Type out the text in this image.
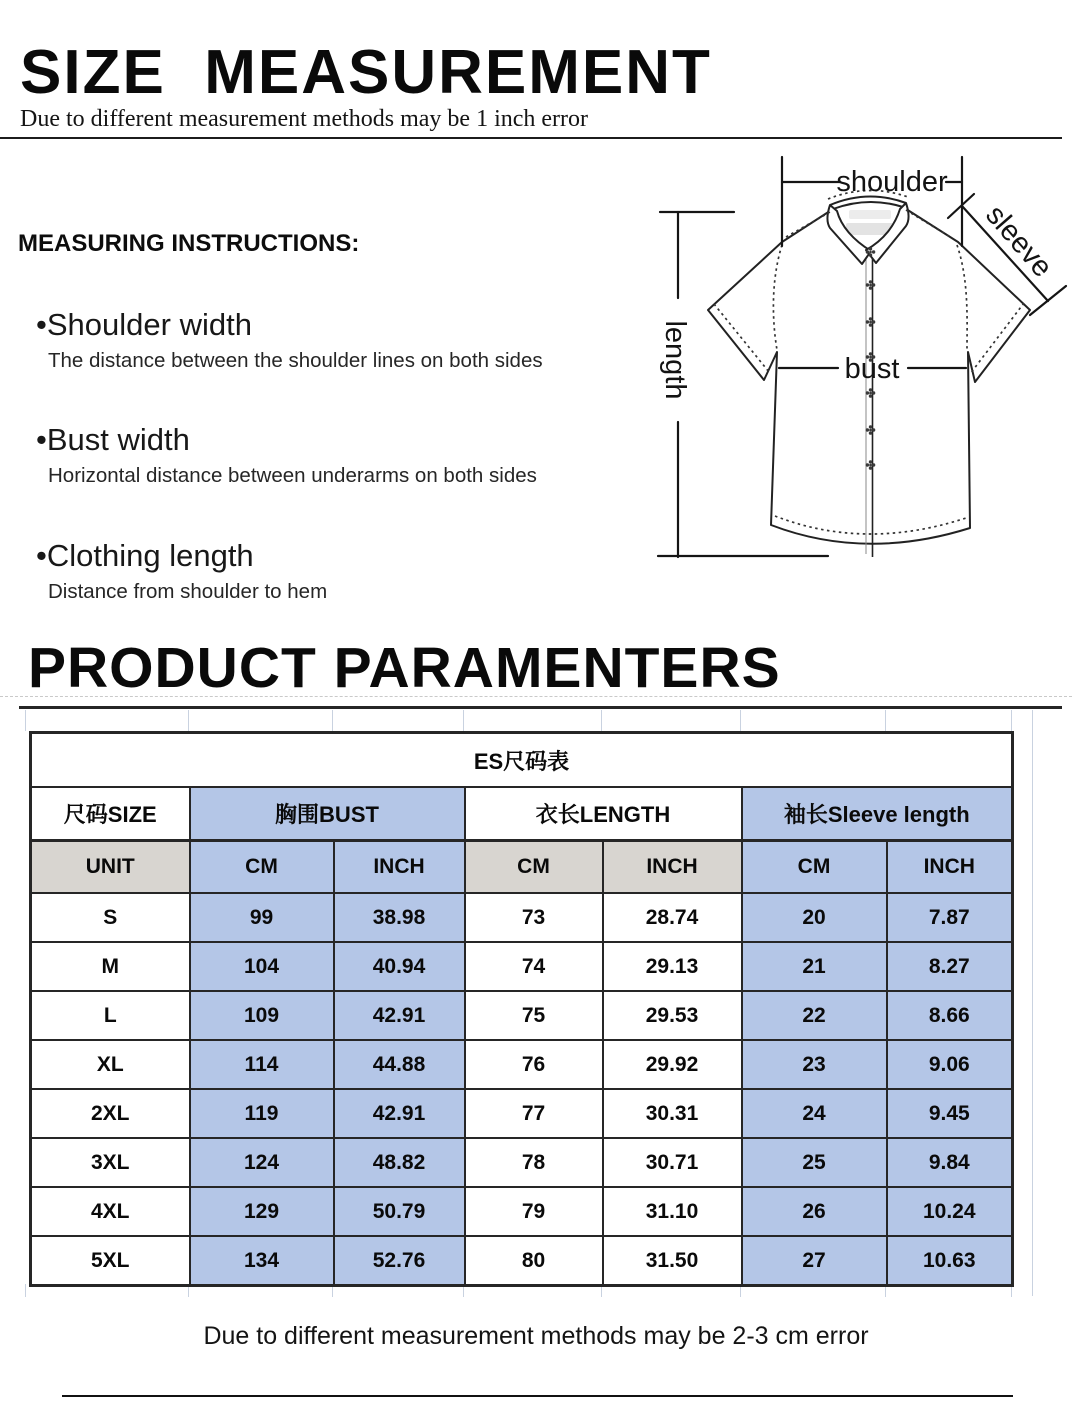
SIZE  MEASUREMENT
Due to different measurement methods may be 1 inch error
MEASURING INSTRUCTIONS:
•Shoulder width
The distance between the shoulder lines on both sides
•Bust width
Horizontal distance between underarms on both sides
•Clothing length
Distance from shoulder to hem
shoulder
length	bust
sleeve
PRODUCT PARAMENTERS
ES尺码表						
尺码SIZE	胸围BUST		衣长LENGTH		袖长Sleeve length	
UNIT	CM	INCH	CM	INCH	CM	INCH
S	99	38.98	73	28.74	20	7.87
M	104	40.94	74	29.13	21	8.27
L	109	42.91	75	29.53	22	8.66
XL	114	44.88	76	29.92	23	9.06
2XL	119	42.91	77	30.31	24	9.45
3XL	124	48.82	78	30.71	25	9.84
4XL	129	50.79	79	31.10	26	10.24
5XL	134	52.76	80	31.50	27	10.63
Due to different measurement methods may be 2-3 cm error
